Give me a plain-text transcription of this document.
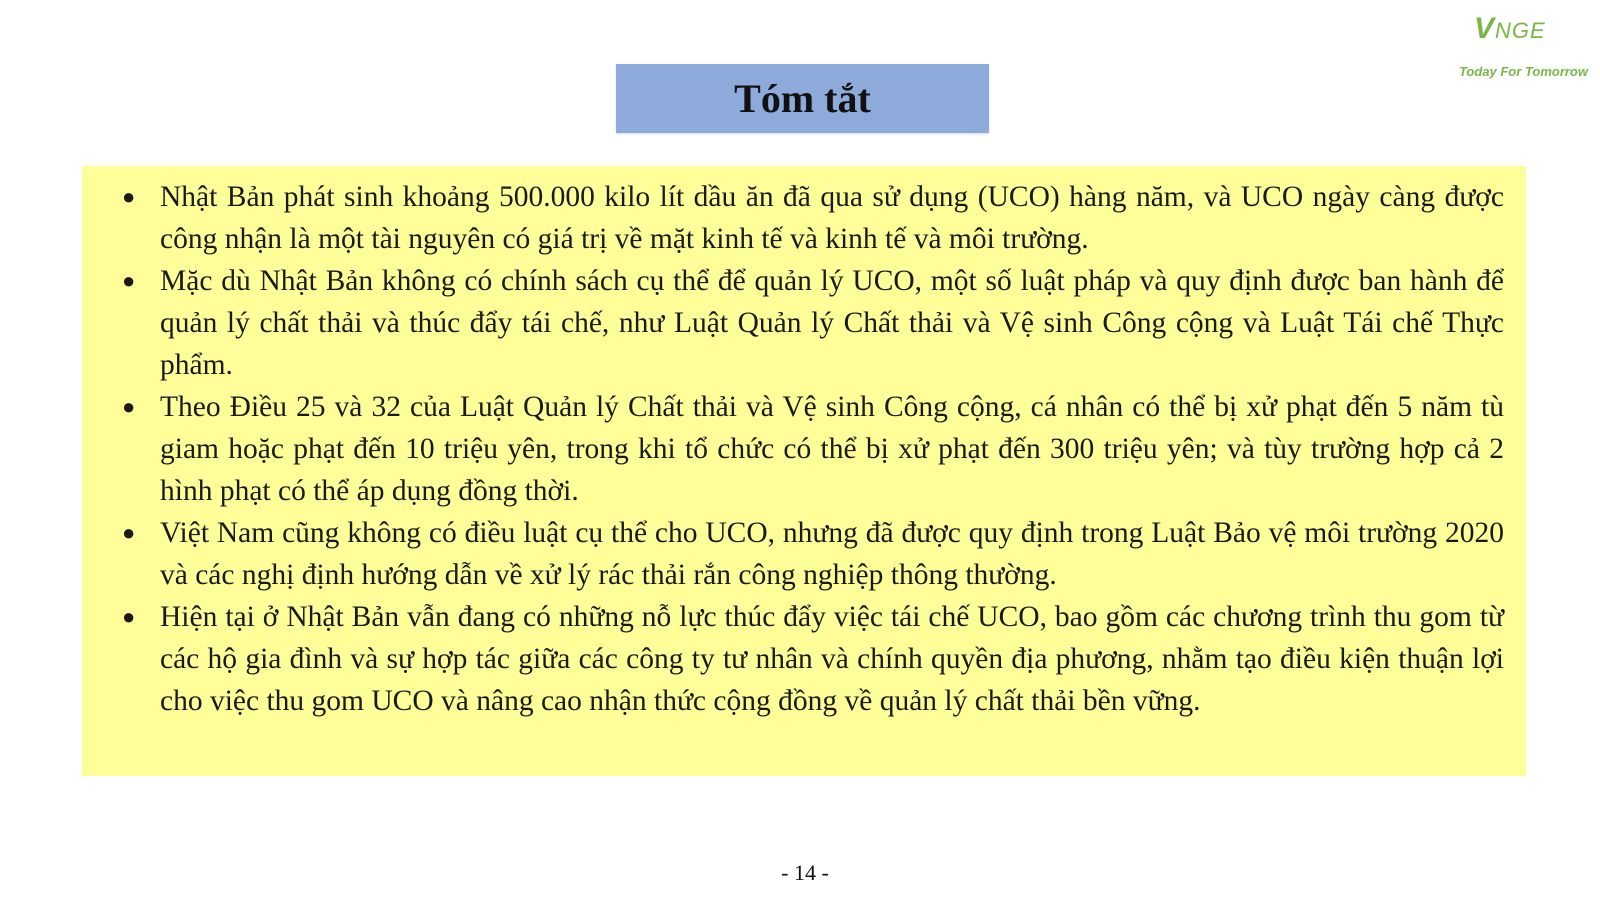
VNGE
Today For Tomorrow
Tóm tắt
● Nhật Bản phát sinh khoảng 500.000 kilo lít dầu ăn đã qua sử dụng (UCO) hàng năm, và UCO ngày càng được công nhận là một tài nguyên có giá trị về mặt kinh tế và kinh tế và môi trường.
● Mặc dù Nhật Bản không có chính sách cụ thể để quản lý UCO, một số luật pháp và quy định được ban hành để quản lý chất thải và thúc đẩy tái chế, như Luật Quản lý Chất thải và Vệ sinh Công cộng và Luật Tái chế Thực phẩm.
● Theo Điều 25 và 32 của Luật Quản lý Chất thải và Vệ sinh Công cộng, cá nhân có thể bị xử phạt đến 5 năm tù giam hoặc phạt đến 10 triệu yên, trong khi tổ chức có thể bị xử phạt đến 300 triệu yên; và tùy trường hợp cả 2 hình phạt có thể áp dụng đồng thời.
● Việt Nam cũng không có điều luật cụ thể cho UCO, nhưng đã được quy định trong Luật Bảo vệ môi trường 2020 và các nghị định hướng dẫn về xử lý rác thải rắn công nghiệp thông thường.
● Hiện tại ở Nhật Bản vẫn đang có những nỗ lực thúc đẩy việc tái chế UCO, bao gồm các chương trình thu gom từ các hộ gia đình và sự hợp tác giữa các công ty tư nhân và chính quyền địa phương, nhằm tạo điều kiện thuận lợi cho việc thu gom UCO và nâng cao nhận thức cộng đồng về quản lý chất thải bền vững.
- 14 -
